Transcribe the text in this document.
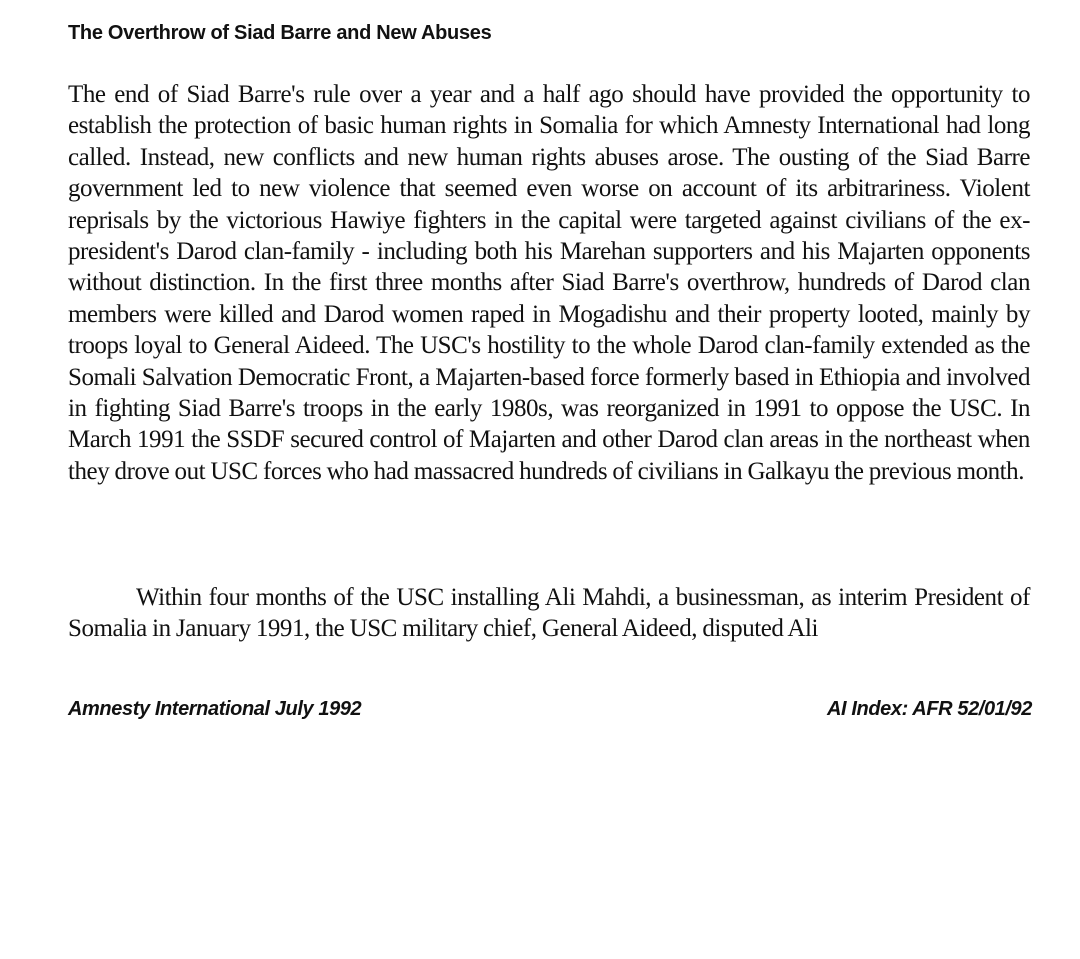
The Overthrow of Siad Barre and New Abuses

The end of Siad Barre's rule over a year and a half ago should have provided the opportunity to establish the protection of basic human rights in Somalia for which Amnesty International had long called. Instead, new conflicts and new human rights abuses arose. The ousting of the Siad Barre government led to new violence that seemed even worse on account of its arbitrariness. Violent reprisals by the victorious Hawiye fighters in the capital were targeted against civilians of the ex-president's Darod clan-family - including both his Marehan supporters and his Majarten opponents without distinction. In the first three months after Siad Barre's overthrow, hundreds of Darod clan members were killed and Darod women raped in Mogadishu and their property looted, mainly by troops loyal to General Aideed. The USC's hostility to the whole Darod clan-family extended as the Somali Salvation Democratic Front, a Majarten-based force formerly based in Ethiopia and involved in fighting Siad Barre's troops in the early 1980s, was reorganized in 1991 to oppose the USC. In March 1991 the SSDF secured control of Majarten and other Darod clan areas in the northeast when they drove out USC forces who had massacred hundreds of civilians in Galkayu the previous month.

Within four months of the USC installing Ali Mahdi, a businessman, as interim President of Somalia in January 1991, the USC military chief, General Aideed, disputed Ali

Amnesty International July 1992	AI Index: AFR 52/01/92
